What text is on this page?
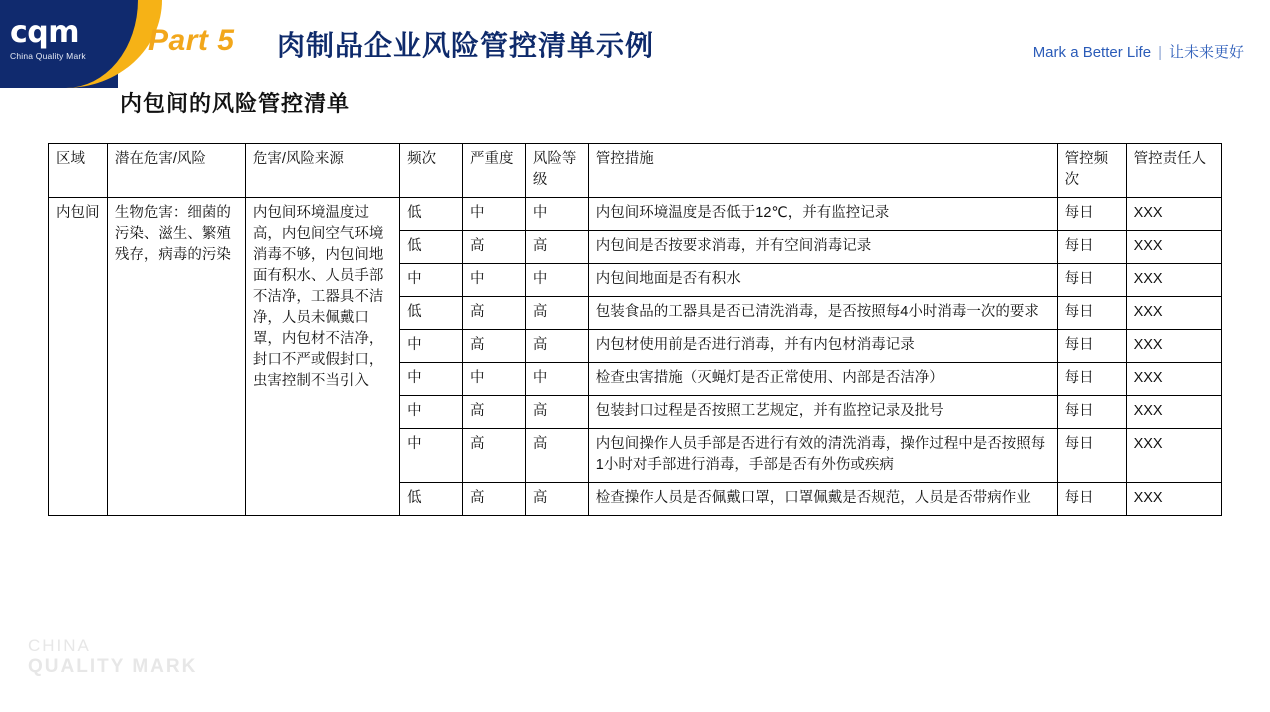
cqm
China Quality Mark	Part 5 肉制品企业风险管控清单示例	Mark a Better Life | 让未来更好
内包间的风险管控清单
区域	潜在危害/风险	危害/风险来源	频次	严重度	风险等级	管控措施	管控频次	管控责任人
内包间	生物危害：细菌的污染、滋生、繁殖残存，病毒的污染	内包间环境温度过高，内包间空气环境消毒不够，内包间地面有积水、人员手部不洁净，工器具不洁净，人员未佩戴口罩，内包材不洁净，封口不严或假封口，虫害控制不当引入	低	中	中	内包间环境温度是否低于12℃，并有监控记录	每日	XXX
			低	高	高	内包间是否按要求消毒，并有空间消毒记录	每日	XXX
			中	中	中	内包间地面是否有积水	每日	XXX
			低	高	高	包装食品的工器具是否已清洗消毒，是否按照每4小时消毒一次的要求	每日	XXX
			中	高	高	内包材使用前是否进行消毒，并有内包材消毒记录	每日	XXX
			中	中	中	检查虫害措施（灭蝇灯是否正常使用、内部是否洁净）	每日	XXX
			中	高	高	包装封口过程是否按照工艺规定，并有监控记录及批号	每日	XXX
			中	高	高	内包间操作人员手部是否进行有效的清洗消毒，操作过程中是否按照每1小时对手部进行消毒，手部是否有外伤或疾病	每日	XXX
			低	高	高	检查操作人员是否佩戴口罩，口罩佩戴是否规范，人员是否带病作业	每日	XXX
CHINA
QUALITY MARK
